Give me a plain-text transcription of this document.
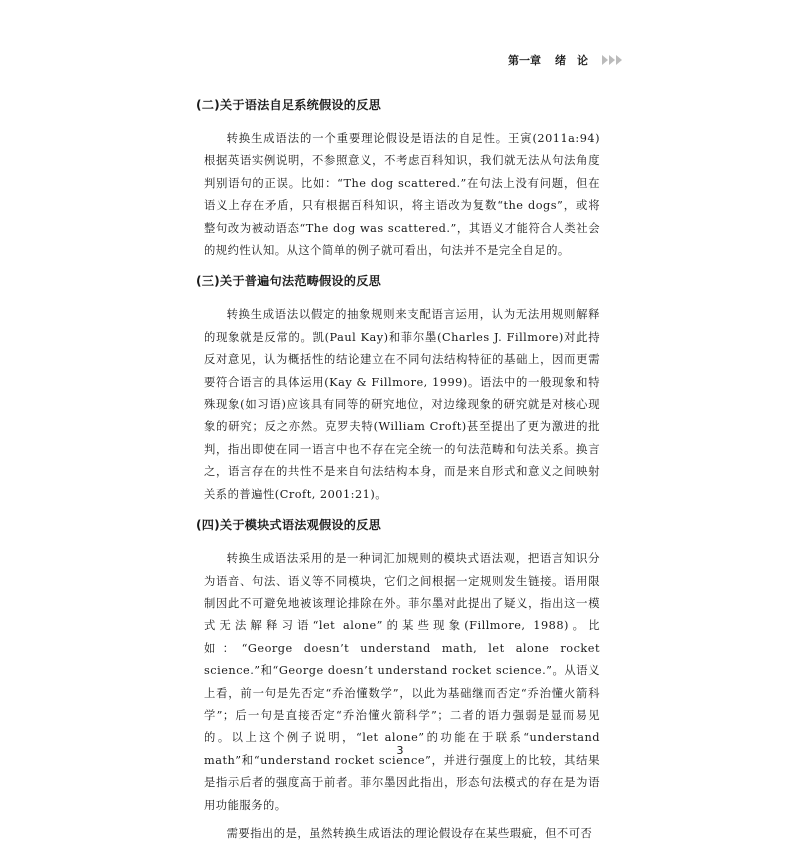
第一章 绪　论
(二)关于语法自足系统假设的反思

转换生成语法的一个重要理论假设是语法的自足性。王寅(2011a:94)根据英语实例说明，不参照意义，不考虑百科知识，我们就无法从句法角度判别语句的正误。比如：“The dog scattered.”在句法上没有问题，但在语义上存在矛盾，只有根据百科知识，将主语改为复数“the dogs”，或将整句改为被动语态“The dog was scattered.”，其语义才能符合人类社会的规约性认知。从这个简单的例子就可看出，句法并不是完全自足的。

(三)关于普遍句法范畴假设的反思

转换生成语法以假定的抽象规则来支配语言运用，认为无法用规则解释的现象就是反常的。凯(Paul Kay)和菲尔墨(Charles J. Fillmore)对此持反对意见，认为概括性的结论建立在不同句法结构特征的基础上，因而更需要符合语言的具体运用(Kay & Fillmore, 1999)。语法中的一般现象和特殊现象(如习语)应该具有同等的研究地位，对边缘现象的研究就是对核心现象的研究；反之亦然。克罗夫特(William Croft)甚至提出了更为激进的批判，指出即使在同一语言中也不存在完全统一的句法范畴和句法关系。换言之，语言存在的共性不是来自句法结构本身，而是来自形式和意义之间映射关系的普遍性(Croft, 2001:21)。

(四)关于模块式语法观假设的反思

转换生成语法采用的是一种词汇加规则的模块式语法观，把语言知识分为语音、句法、语义等不同模块，它们之间根据一定规则发生链接。语用限制因此不可避免地被该理论排除在外。菲尔墨对此提出了疑义，指出这一模式无法解释习语“let alone”的某些现象(Fillmore, 1988)。比如：“George doesn’t understand math, let alone rocket science.”和“George doesn’t understand rocket science.”。从语义上看，前一句是先否定“乔治懂数学”，以此为基础继而否定“乔治懂火箭科学”；后一句是直接否定“乔治懂火箭科学”；二者的语力强弱是显而易见的。以上这个例子说明，“let alone”的功能在于联系“understand math”和“understand rocket science”，并进行强度上的比较，其结果是指示后者的强度高于前者。菲尔墨因此指出，形态句法模式的存在是为语用功能服务的。

需要指出的是，虽然转换生成语法的理论假设存在某些瑕疵，但不可否

3
